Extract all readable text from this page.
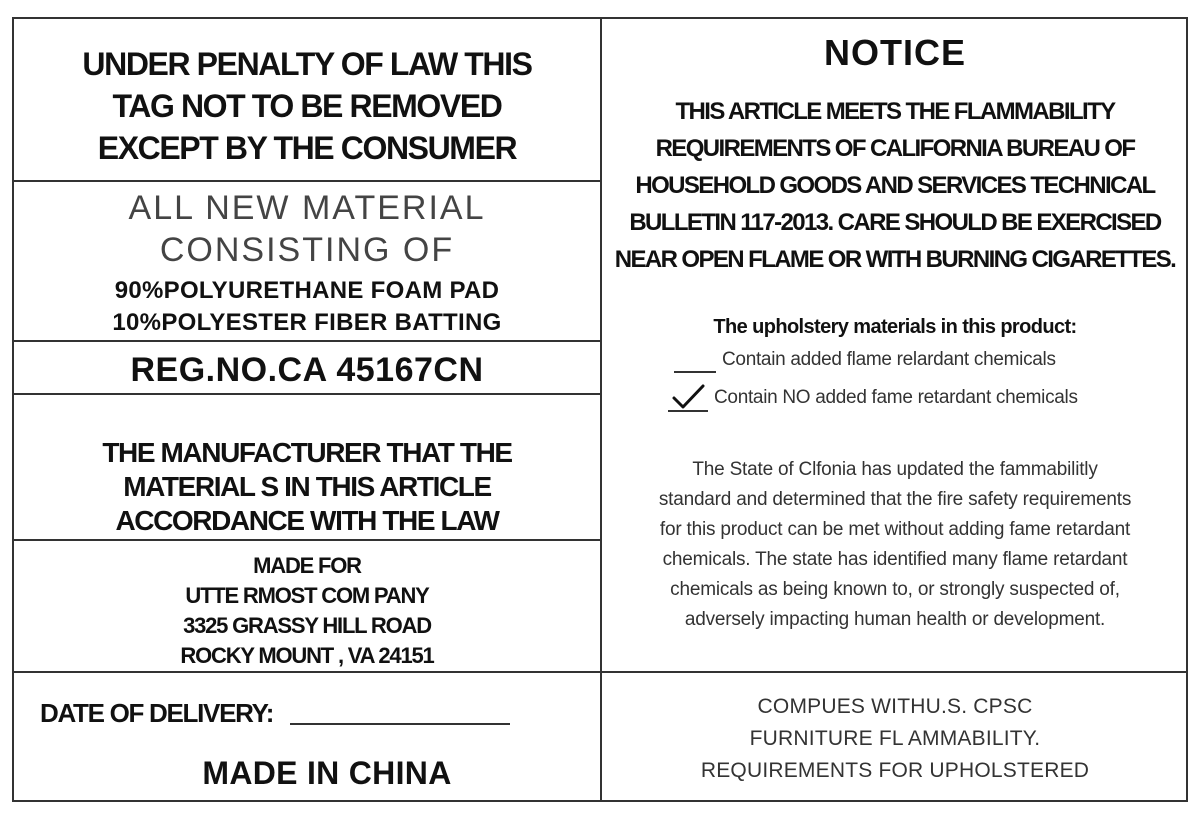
UNDER PENALTY OF LAW THIS
TAG NOT TO BE REMOVED
EXCEPT BY THE CONSUMER
ALL NEW MATERIAL
CONSISTING OF
90%POLYURETHANE FOAM PAD
10%POLYESTER FIBER BATTING
REG.NO.CA 45167CN
THE MANUFACTURER THAT THE
MATERIAL S IN THIS ARTICLE
ACCORDANCE WITH THE LAW
MADE FOR
UTTE RMOST COM PANY
3325 GRASSY HILL ROAD
ROCKY MOUNT , VA 24151
DATE OF DELIVERY:
MADE IN CHINA
NOTICE
THIS ARTICLE MEETS THE FLAMMABILITY
REQUIREMENTS OF CALIFORNIA BUREAU OF
HOUSEHOLD GOODS AND SERVICES TECHNICAL
BULLETIN 117-2013. CARE SHOULD BE EXERCISED
NEAR OPEN FLAME OR WITH BURNING CIGARETTES.
The upholstery materials in this product:
Contain added flame relardant chemicals
Contain NO added fame retardant chemicals
The State of Clfonia has updated the fammabilitly
standard and determined that the fire safety requirements
for this product can be met without adding fame retardant
chemicals. The state has identified many flame retardant
chemicals as being known to, or strongly suspected of,
adversely impacting human health or development.
COMPUES WITHU.S. CPSC
FURNITURE FL AMMABILITY.
REQUIREMENTS FOR UPHOLSTERED
